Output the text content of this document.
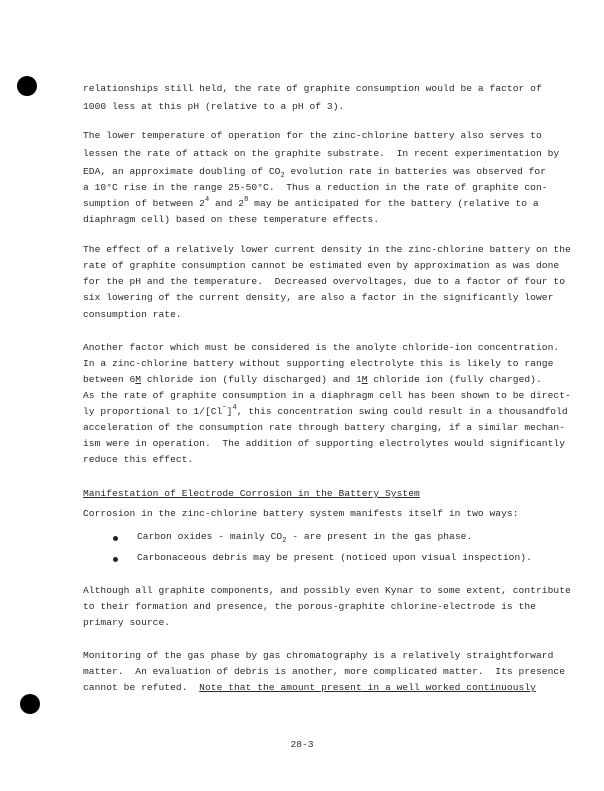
relationships still held, the rate of graphite consumption would be a factor of
1000 less at this pH (relative to a pH of 3).
The lower temperature of operation for the zinc-chlorine battery also serves to
lessen the rate of attack on the graphite substrate.  In recent experimentation by
EDA, an approximate doubling of $CO_2$ evolution rate in batteries was observed for
a 10°C rise in the range 25-50°C.  Thus a reduction in the rate of graphite con-
sumption of between $2^4$ and $2^8$ may be anticipated for the battery (relative to a
diaphragm cell) based on these temperature effects.
The effect of a relatively lower current density in the zinc-chlorine battery on the
rate of graphite consumption cannot be estimated even by approximation as was done
for the pH and the temperature.  Decreased overvoltages, due to a factor of four to
six lowering of the current density, are also a factor in the significantly lower
consumption rate.
Another factor which must be considered is the anolyte chloride-ion concentration.
In a zinc-chlorine battery without supporting electrolyte this is likely to range
between 6M chloride ion (fully discharged) and 1M chloride ion (fully charged).
As the rate of graphite consumption in a diaphragm cell has been shown to be direct-
ly proportional to $1/[Cl^-]^4$, this concentration swing could result in a thousandfold
acceleration of the consumption rate through battery charging, if a similar mechan-
ism were in operation.  The addition of supporting electrolytes would significantly
reduce this effect.
Manifestation of Electrode Corrosion in the Battery System
Corrosion in the zinc-chlorine battery system manifests itself in two ways:
Carbon oxides - mainly $CO_2$ - are present in the gas phase.
Carbonaceous debris may be present (noticed upon visual inspection).
Although all graphite components, and possibly even Kynar to some extent, contribute
to their formation and presence, the porous-graphite chlorine-electrode is the
primary source.
Monitoring of the gas phase by gas chromatography is a relatively straightforward
matter.  An evaluation of debris is another, more complicated matter.  Its presence
cannot be refuted.  Note that the amount present in a well worked continuously
28-3
